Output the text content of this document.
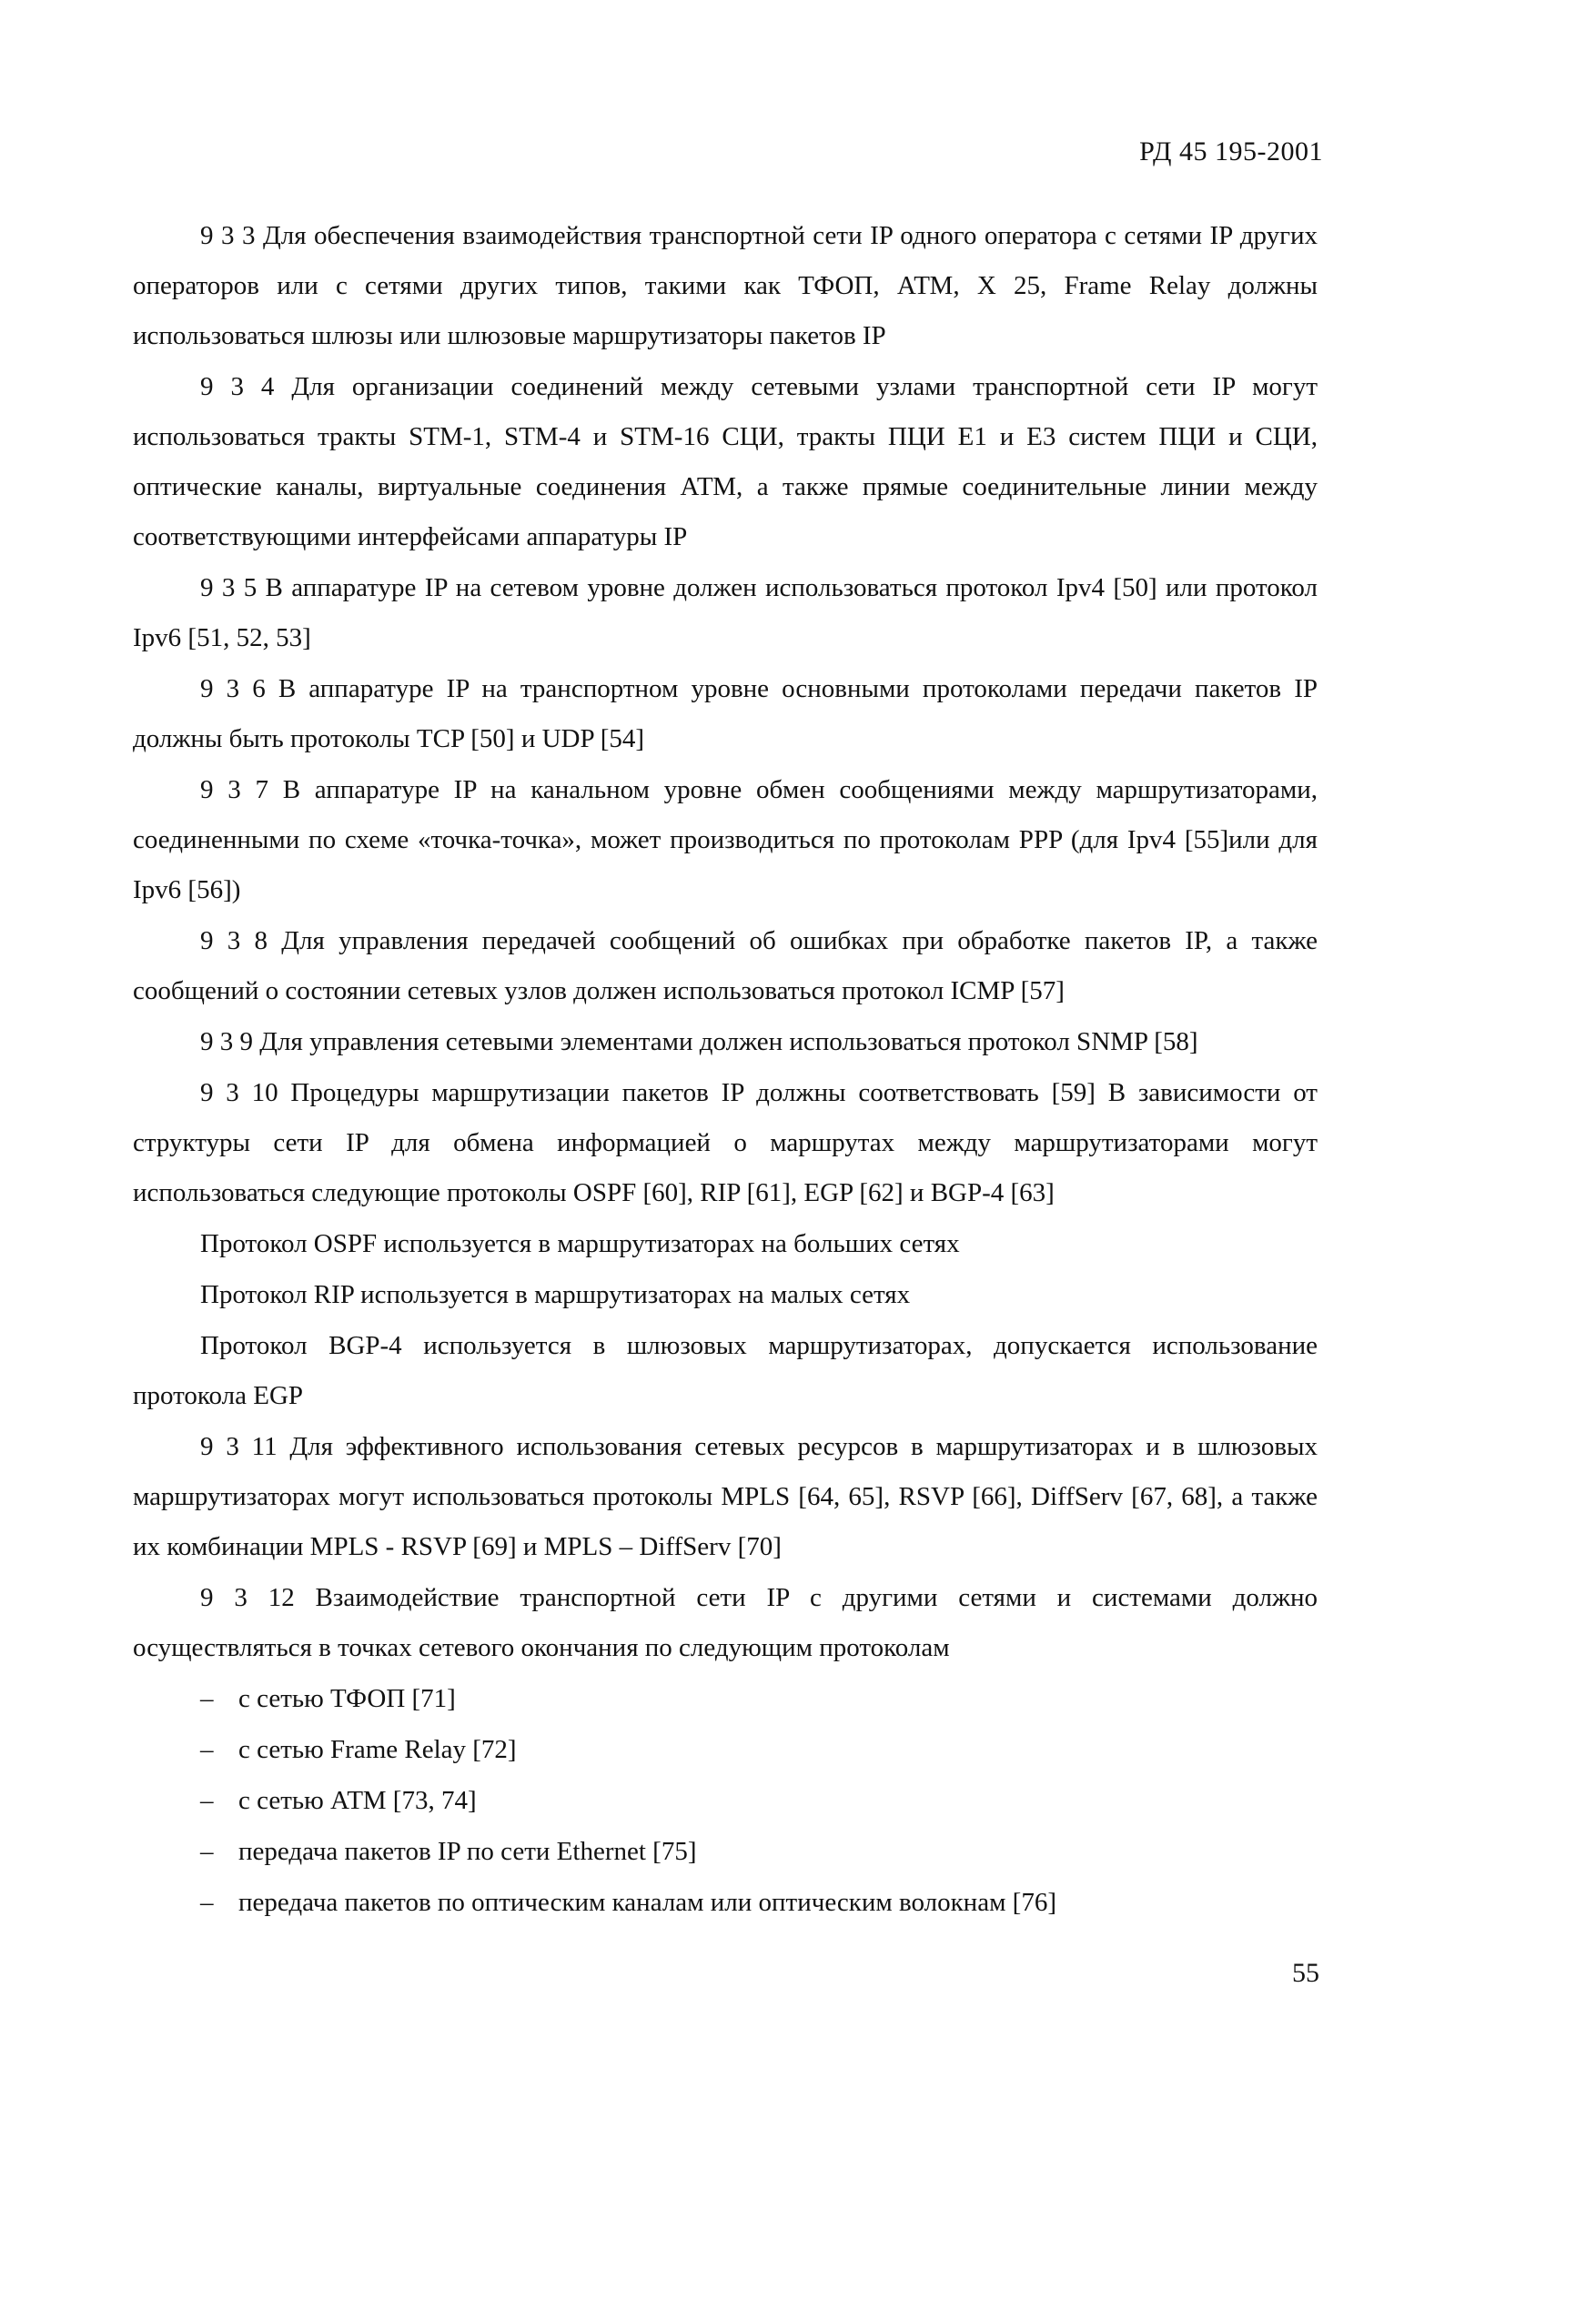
РД 45 195-2001

9 3 3 Для обеспечения взаимодействия транспортной сети IP одного оператора с сетями IP других операторов или с сетями других типов, такими как ТФОП, АТМ, X 25, Frame Relay должны использоваться шлюзы или шлюзовые маршрутизаторы пакетов IP

9 3 4 Для организации соединений между сетевыми узлами транспортной сети IP могут использоваться тракты STM-1, STM-4 и STM-16 СЦИ, тракты ПЦИ Е1 и Е3 систем ПЦИ и СЦИ, оптические каналы, виртуальные соединения АТМ, а также прямые соединительные линии между соответствующими интерфейсами аппаратуры IP

9 3 5 В аппаратуре IP на сетевом уровне должен использоваться протокол Ipv4 [50] или протокол Ipv6 [51, 52, 53]

9 3 6 В аппаратуре IP на транспортном уровне основными протоколами передачи пакетов IP должны быть протоколы TCP [50] и UDP [54]

9 3 7 В аппаратуре IP на канальном уровне обмен сообщениями между маршрутизаторами, соединенными по схеме «точка-точка», может производиться по протоколам PPP (для Ipv4 [55]или для Ipv6 [56])

9 3 8 Для управления передачей сообщений об ошибках при обработке пакетов IP, а также сообщений о состоянии сетевых узлов должен использоваться протокол ICMP [57]

9 3 9 Для управления сетевыми элементами должен использоваться протокол SNMP [58]

9 3 10 Процедуры маршрутизации пакетов IP должны соответствовать [59] В зависимости от структуры сети IP для обмена информацией о маршрутах между маршрутизаторами могут использоваться следующие протоколы OSPF [60], RIP [61], EGP [62] и BGP-4 [63]

Протокол OSPF используется в маршрутизаторах на больших сетях

Протокол RIP используется в маршрутизаторах на малых сетях

Протокол BGP-4 используется в шлюзовых маршрутизаторах, допускается использование протокола EGP

9 3 11 Для эффективного использования сетевых ресурсов в маршрутизаторах и в шлюзовых маршрутизаторах могут использоваться протоколы MPLS [64, 65], RSVP [66], DiffServ [67, 68], а также их комбинации MPLS - RSVP [69] и MPLS – DiffServ [70]

9 3 12 Взаимодействие транспортной сети IP с другими сетями и системами должно осуществляться в точках сетевого окончания по следующим протоколам

– с сетью ТФОП [71]
– с сетью Frame Relay [72]
– с сетью АТМ [73, 74]
– передача пакетов IP по сети Ethernet [75]
– передача пакетов по оптическим каналам или оптическим волокнам [76]
55
